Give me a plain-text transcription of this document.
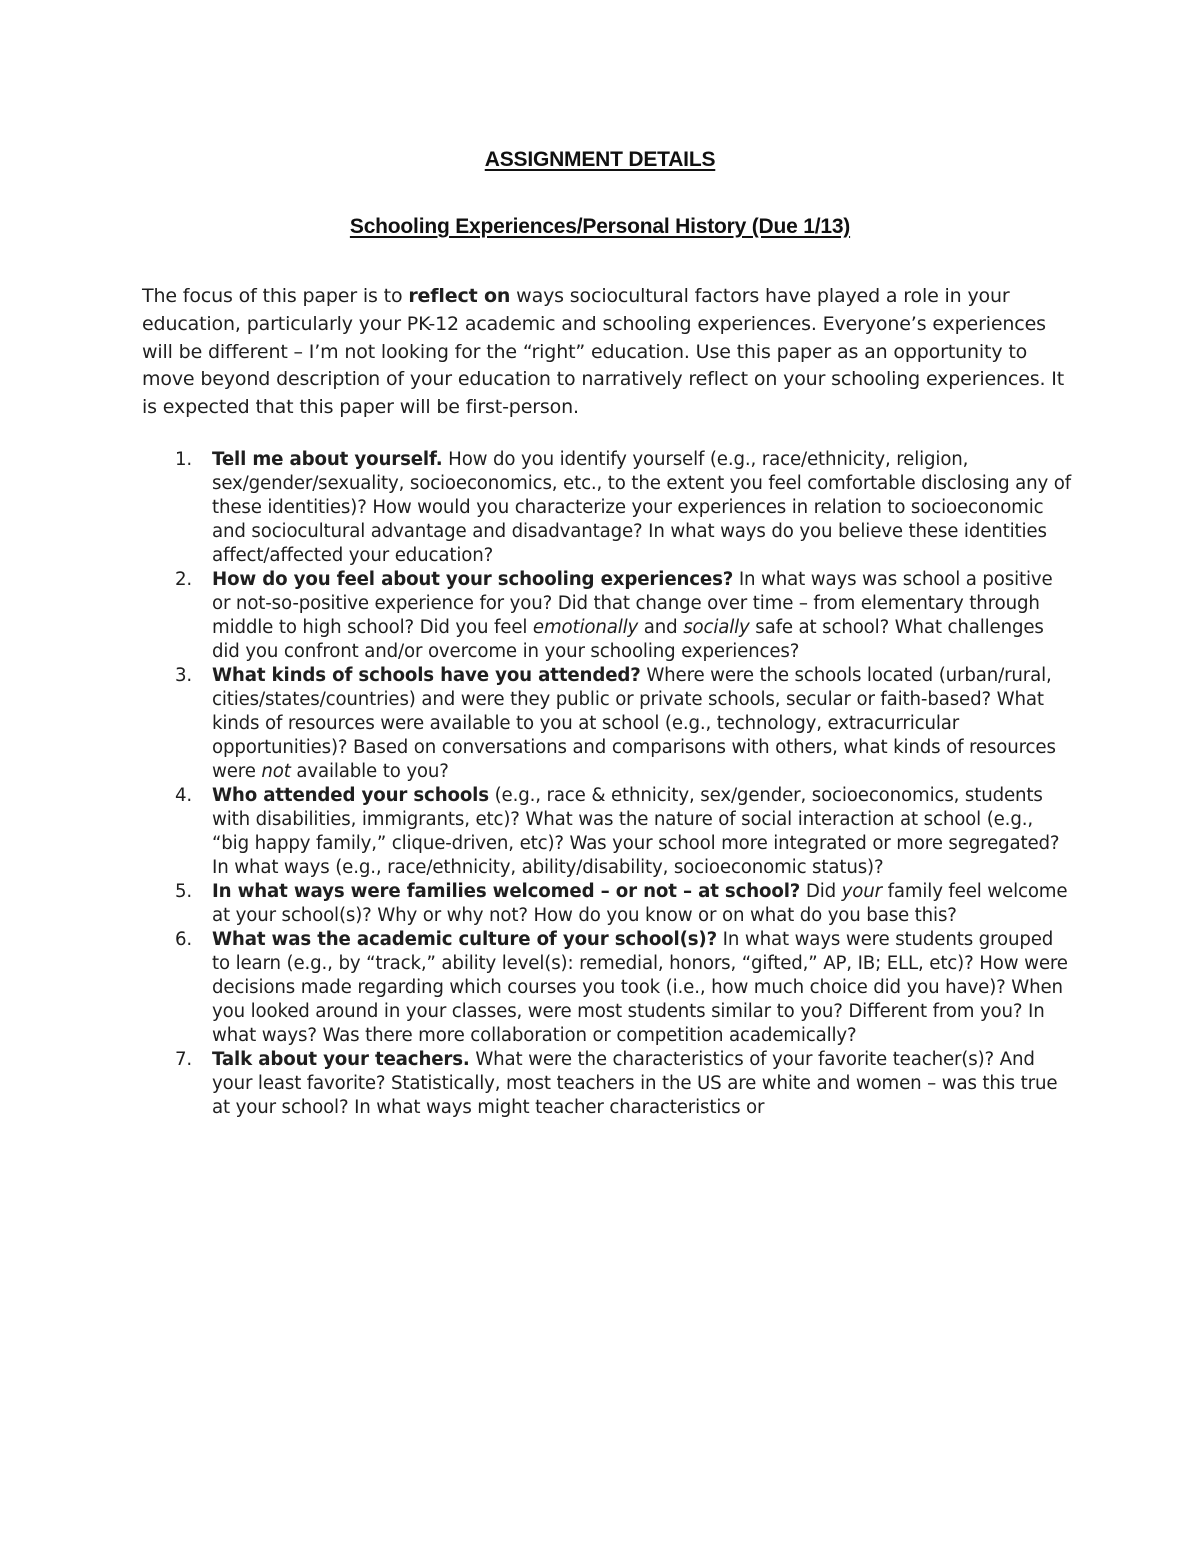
ASSIGNMENT DETAILS
Schooling Experiences/Personal History (Due 1/13)

The focus of this paper is to reflect on ways sociocultural factors have played a role in your education, particularly your PK-12 academic and schooling experiences. Everyone’s experiences will be different – I’m not looking for the “right” education. Use this paper as an opportunity to move beyond description of your education to narratively reflect on your schooling experiences. It is expected that this paper will be first-person.

1. Tell me about yourself. How do you identify yourself (e.g., race/ethnicity, religion, sex/gender/sexuality, socioeconomics, etc., to the extent you feel comfortable disclosing any of these identities)? How would you characterize your experiences in relation to socioeconomic and sociocultural advantage and disadvantage? In what ways do you believe these identities affect/affected your education?
2. How do you feel about your schooling experiences? In what ways was school a positive or not-so-positive experience for you? Did that change over time – from elementary through middle to high school? Did you feel emotionally and socially safe at school? What challenges did you confront and/or overcome in your schooling experiences?
3. What kinds of schools have you attended? Where were the schools located (urban/rural, cities/states/countries) and were they public or private schools, secular or faith-based? What kinds of resources were available to you at school (e.g., technology, extracurricular opportunities)? Based on conversations and comparisons with others, what kinds of resources were not available to you?
4. Who attended your schools (e.g., race & ethnicity, sex/gender, socioeconomics, students with disabilities, immigrants, etc)? What was the nature of social interaction at school (e.g., “big happy family,” clique-driven, etc)? Was your school more integrated or more segregated? In what ways (e.g., race/ethnicity, ability/disability, socioeconomic status)?
5. In what ways were families welcomed – or not – at school? Did your family feel welcome at your school(s)? Why or why not? How do you know or on what do you base this?
6. What was the academic culture of your school(s)? In what ways were students grouped to learn (e.g., by “track,” ability level(s): remedial, honors, “gifted,” AP, IB; ELL, etc)? How were decisions made regarding which courses you took (i.e., how much choice did you have)? When you looked around in your classes, were most students similar to you? Different from you? In what ways? Was there more collaboration or competition academically?
7. Talk about your teachers. What were the characteristics of your favorite teacher(s)? And your least favorite? Statistically, most teachers in the US are white and women – was this true at your school? In what ways might teacher characteristics or
